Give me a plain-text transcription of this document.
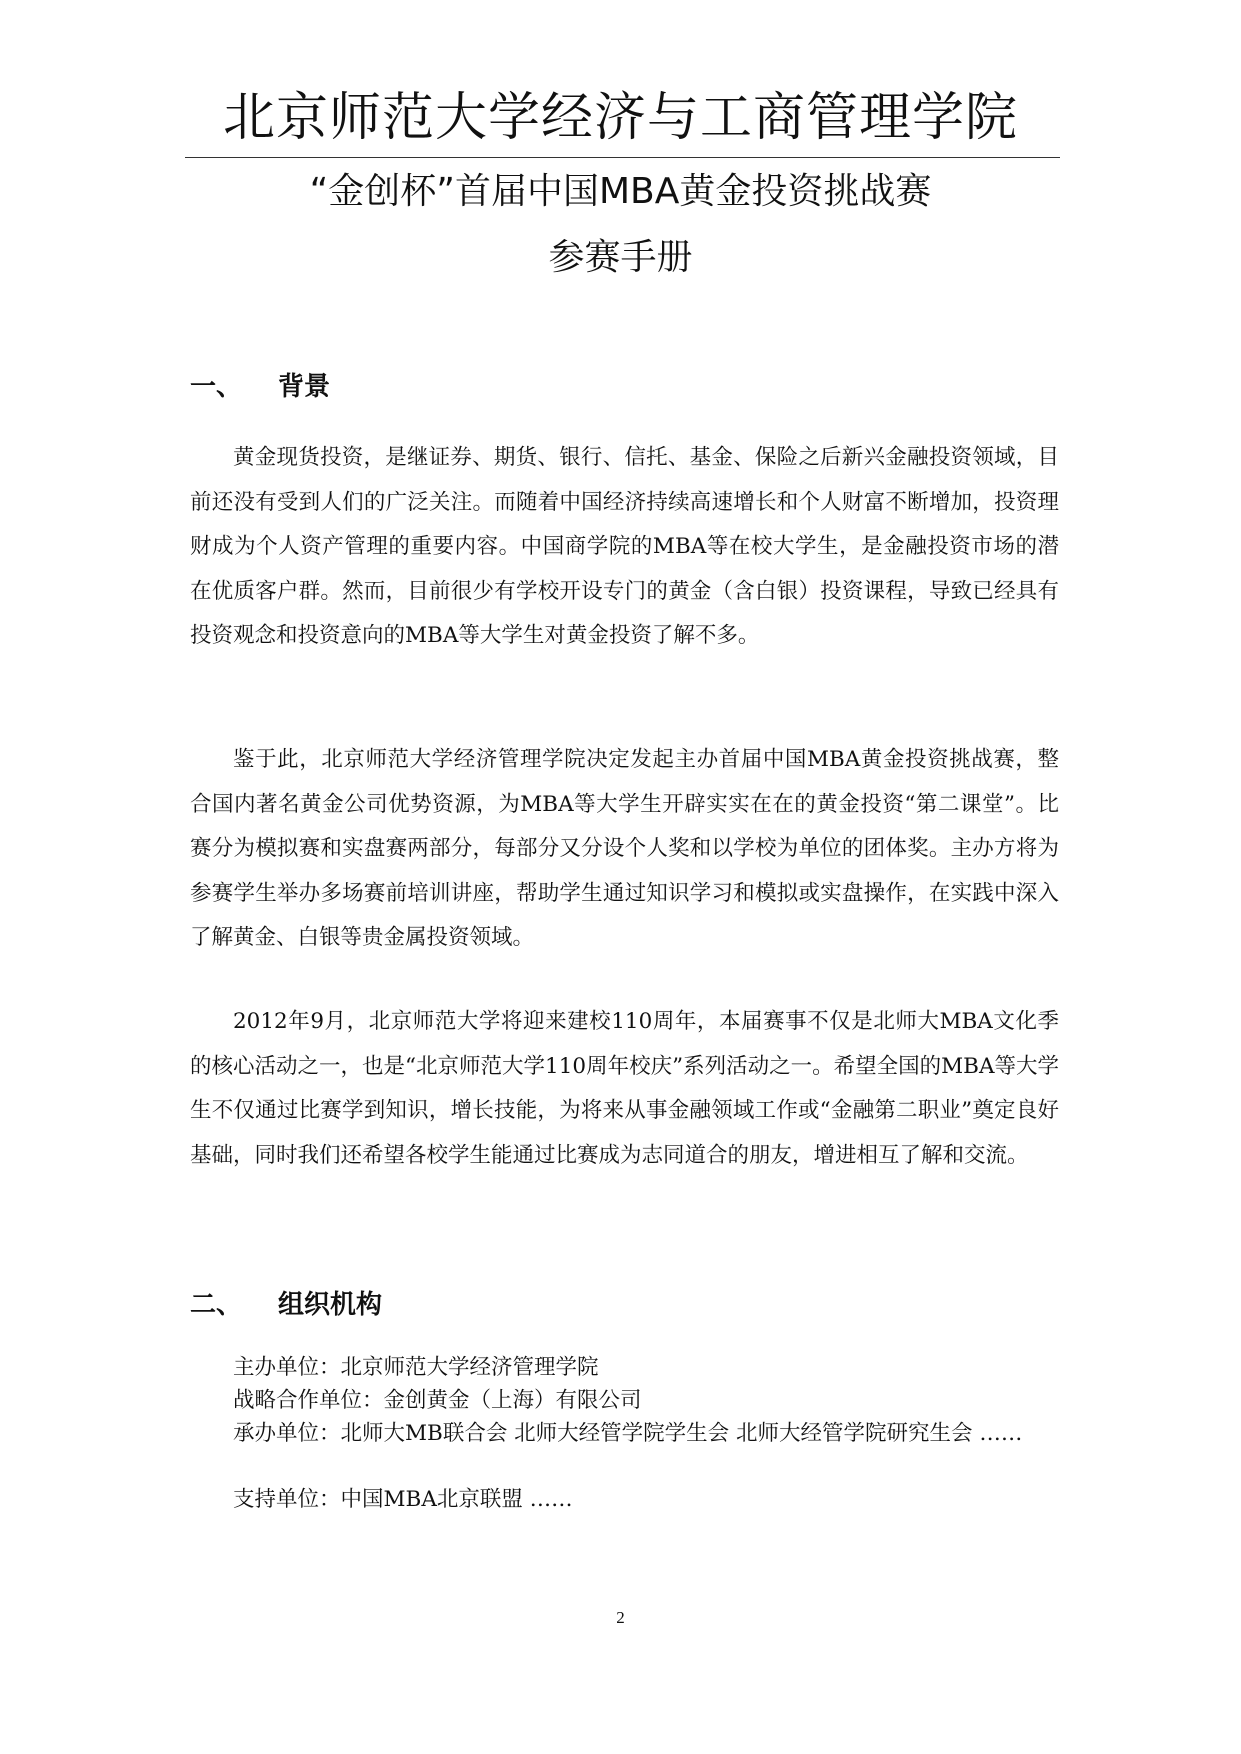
北京师范大学经济与工商管理学院
“金创杯”首届中国MBA黄金投资挑战赛
参赛手册
一、 背景

黄金现货投资，是继证券、期货、银行、信托、基金、保险之后新兴金融投资领域，目前还没有受到人们的广泛关注。而随着中国经济持续高速增长和个人财富不断增加，投资理财成为个人资产管理的重要内容。中国商学院的MBA等在校大学生，是金融投资市场的潜在优质客户群。然而，目前很少有学校开设专门的黄金（含白银）投资课程，导致已经具有投资观念和投资意向的MBA等大学生对黄金投资了解不多。

鉴于此，北京师范大学经济管理学院决定发起主办首届中国MBA黄金投资挑战赛，整合国内著名黄金公司优势资源，为MBA等大学生开辟实实在在的黄金投资“第二课堂”。比赛分为模拟赛和实盘赛两部分，每部分又分设个人奖和以学校为单位的团体奖。主办方将为参赛学生举办多场赛前培训讲座，帮助学生通过知识学习和模拟或实盘操作，在实践中深入了解黄金、白银等贵金属投资领域。

2012年9月，北京师范大学将迎来建校110周年，本届赛事不仅是北师大MBA文化季的核心活动之一，也是“北京师范大学110周年校庆”系列活动之一。希望全国的MBA等大学生不仅通过比赛学到知识，增长技能，为将来从事金融领域工作或“金融第二职业”奠定良好基础，同时我们还希望各校学生能通过比赛成为志同道合的朋友，增进相互了解和交流。

二、 组织机构
主办单位：北京师范大学经济管理学院
战略合作单位：金创黄金（上海）有限公司
承办单位：北师大MB联合会 北师大经管学院学生会 北师大经管学院研究生会 ……
支持单位：中国MBA北京联盟 ……
2
